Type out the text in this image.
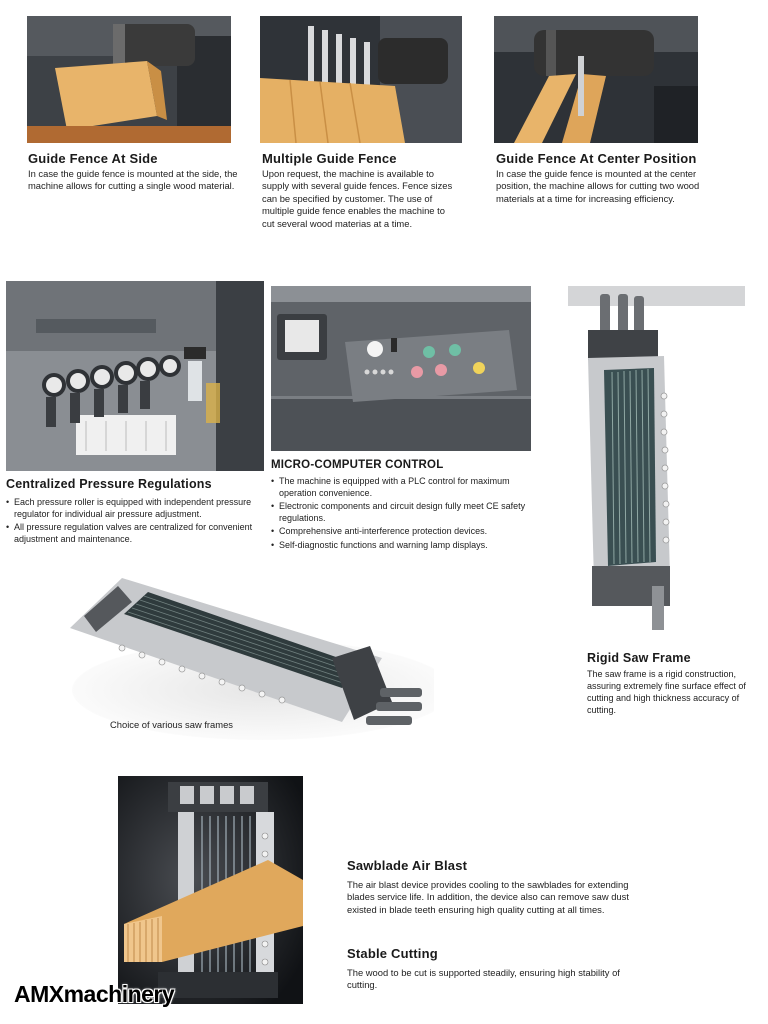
Guide Fence At Side

In case the guide fence is mounted at the side, the machine allows for cutting a single wood material.

Multiple Guide Fence

Upon request, the machine is available to supply with several guide fences. Fence sizes can be specified by customer. The use of multiple guide fence enables the machine to cut several wood materias at a time.

Guide Fence At Center Position

In case the guide fence is mounted at the center position, the machine allows for cutting two wood materials at a time for increasing efficiency.

Centralized Pressure Regulations
• Each pressure roller is equipped with independent pressure regulator for individual air pressure adjustment.
• All pressure regulation valves are centralized for convenient adjustment and maintenance.
MICRO-COMPUTER CONTROL
• The machine is equipped with a PLC control for maximum operation convenience.
• Electronic components and circuit design fully meet CE safety regulations.
• Comprehensive anti-interference protection devices.
• Self-diagnostic functions and warning lamp displays.
Choice of various saw frames
Rigid Saw Frame

The saw frame is a rigid construction, assuring extremely fine surface effect of cutting and high thickness accuracy of cutting.

Sawblade Air Blast

The air blast device provides cooling to the sawblades for extending blades service life. In addition, the device also can remove saw dust existed in blade teeth ensuring high quality cutting at all times.

Stable Cutting

The wood to be cut is supported steadily, ensuring high stability of cutting.

AMXmachinery
